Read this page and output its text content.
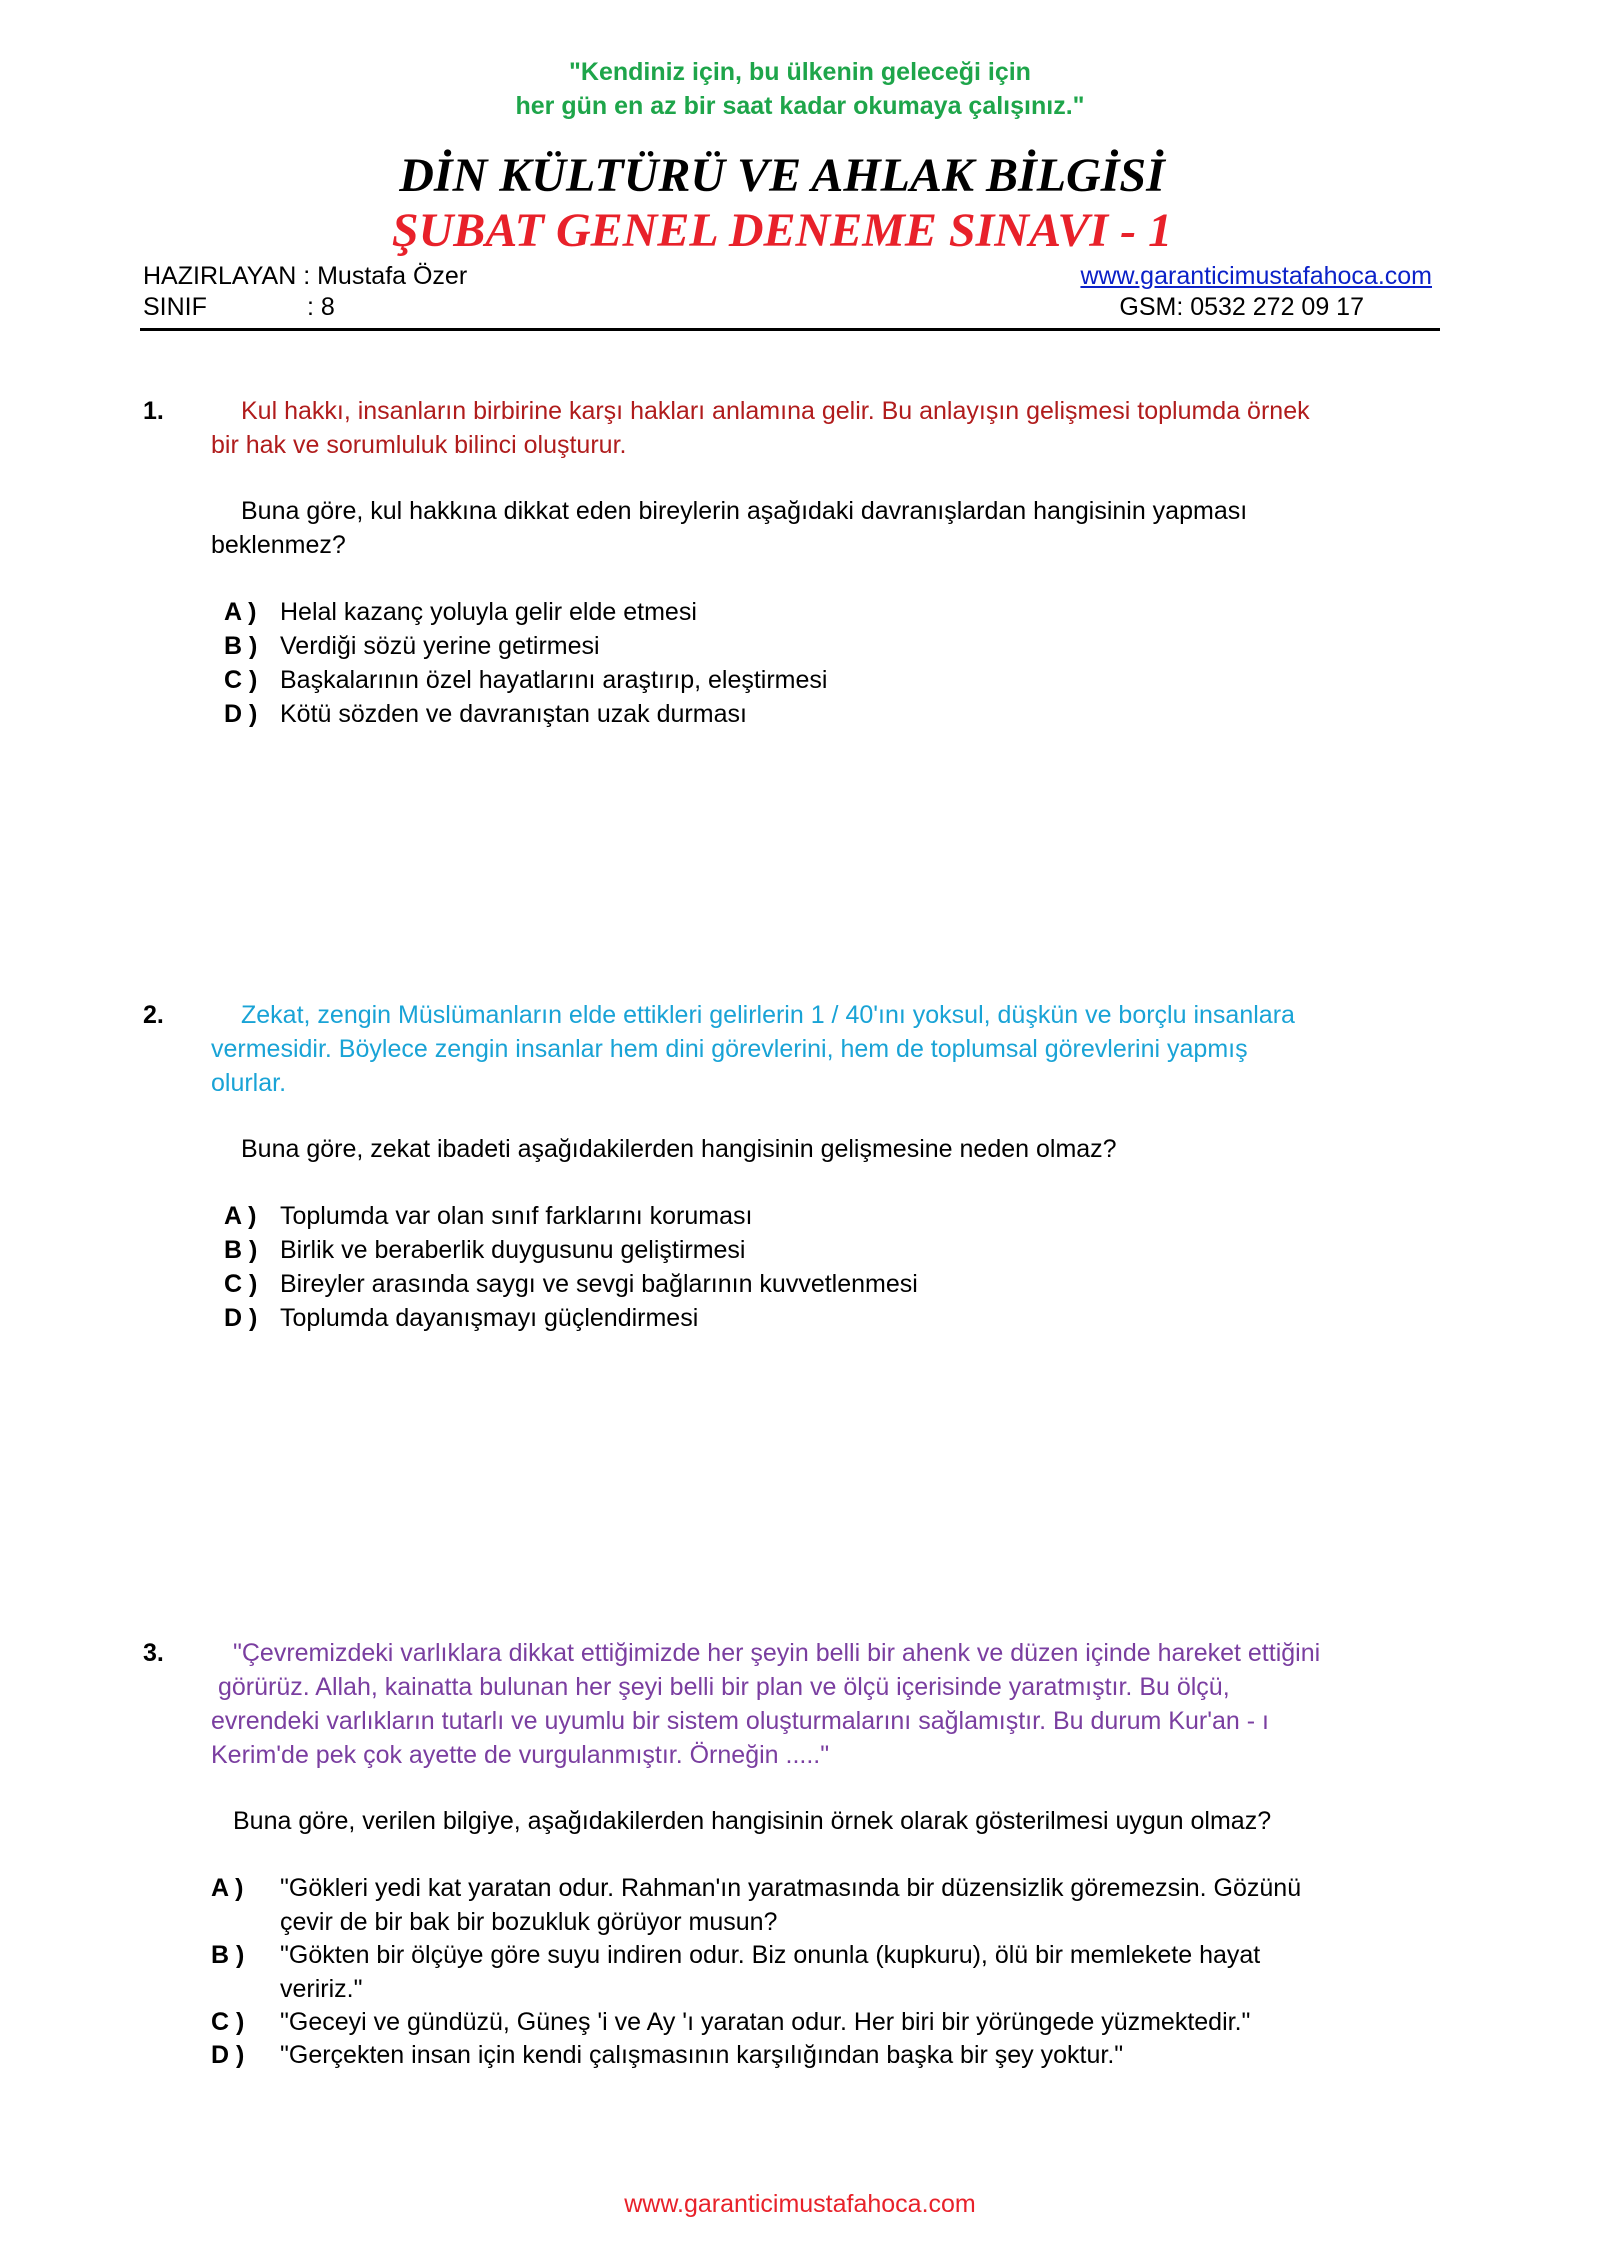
"Kendiniz için, bu ülkenin geleceği için
her gün en az bir saat kadar okumaya çalışınız."
DİN KÜLTÜRÜ VE AHLAK BİLGİSİ
ŞUBAT GENEL DENEME SINAVI - 1
HAZIRLAYAN : Mustafa Özer	www.garanticimustafahoca.com
SINIF	: 8	GSM: 0532 272 09 17
1.	Kul hakkı, insanların birbirine karşı hakları anlamına gelir. Bu anlayışın gelişmesi toplumda örnek
bir hak ve sorumluluk bilinci oluşturur.
Buna göre, kul hakkına dikkat eden bireylerin aşağıdaki davranışlardan hangisinin yapması
beklenmez?
A ) Helal kazanç yoluyla gelir elde etmesi
B ) Verdiği sözü yerine getirmesi
C ) Başkalarının özel hayatlarını araştırıp, eleştirmesi
D ) Kötü sözden ve davranıştan uzak durması
2.	Zekat, zengin Müslümanların elde ettikleri gelirlerin 1 / 40'ını yoksul, düşkün ve borçlu insanlara
vermesidir. Böylece zengin insanlar hem dini görevlerini, hem de toplumsal görevlerini yapmış
olurlar.
Buna göre, zekat ibadeti aşağıdakilerden hangisinin gelişmesine neden olmaz?
A ) Toplumda var olan sınıf farklarını koruması
B ) Birlik ve beraberlik duygusunu geliştirmesi
C ) Bireyler arasında saygı ve sevgi bağlarının kuvvetlenmesi
D ) Toplumda dayanışmayı güçlendirmesi
3.	"Çevremizdeki varlıklara dikkat ettiğimizde her şeyin belli bir ahenk ve düzen içinde hareket ettiğini
görürüz. Allah, kainatta bulunan her şeyi belli bir plan ve ölçü içerisinde yaratmıştır. Bu ölçü,
evrendeki varlıkların tutarlı ve uyumlu bir sistem oluşturmalarını sağlamıştır. Bu durum Kur'an - ı
Kerim'de pek çok ayette de vurgulanmıştır. Örneğin ....."
Buna göre, verilen bilgiye, aşağıdakilerden hangisinin örnek olarak gösterilmesi uygun olmaz?
A ) "Gökleri yedi kat yaratan odur. Rahman'ın yaratmasında bir düzensizlik göremezsin. Gözünü
çevir de bir bak bir bozukluk görüyor musun?
B ) "Gökten bir ölçüye göre suyu indiren odur. Biz onunla (kupkuru), ölü bir memlekete hayat
veririz."
C ) "Geceyi ve gündüzü, Güneş 'i ve Ay 'ı yaratan odur. Her biri bir yörüngede yüzmektedir."
D ) "Gerçekten insan için kendi çalışmasının karşılığından başka bir şey yoktur."
www.garanticimustafahoca.com
